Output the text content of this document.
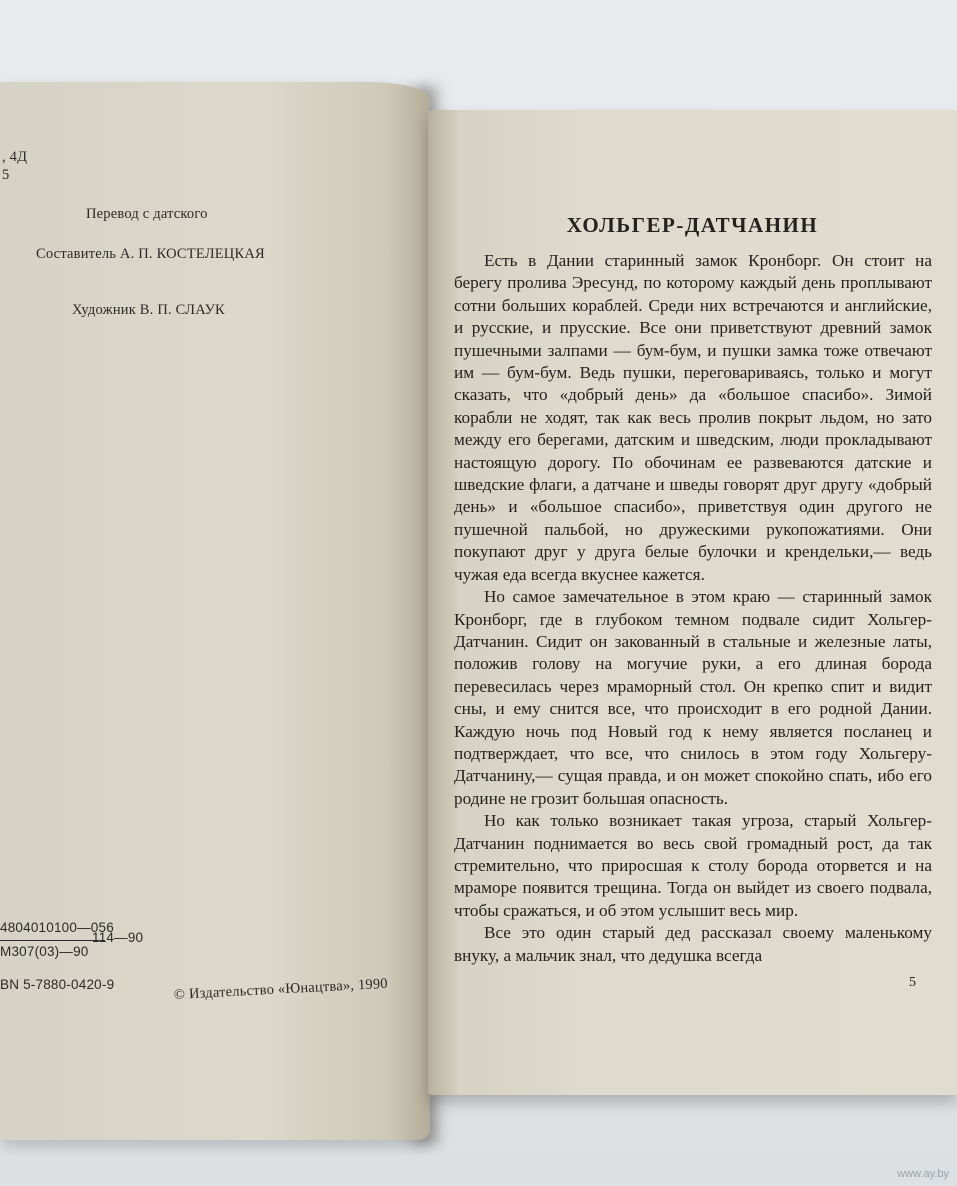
, 4Д
5
Перевод с датского
Составитель А. П. КОСТЕЛЕЦКАЯ
Художник В. П. СЛАУК
4804010100—056
M307(03)—90
114—90
BN 5-7880-0420-9	© Издательство «Юнацтва», 1990
ХОЛЬГЕР-ДАТЧАНИН

Есть в Дании старинный замок Кронборг. Он стоит на берегу пролива Эресунд, по которому каждый день проплывают сотни больших кораблей. Среди них встречаются и английские, и русские, и прусские. Все они приветствуют древний замок пушечными залпами — бум-бум, и пушки замка тоже отвечают им — бум-бум. Ведь пушки, переговариваясь, только и могут сказать, что «добрый день» да «большое спасибо». Зимой корабли не ходят, так как весь пролив покрыт льдом, но зато между его берегами, датским и шведским, люди прокладывают настоящую дорогу. По обочинам ее развеваются датские и шведские флаги, а датчане и шведы говорят друг другу «добрый день» и «большое спасибо», приветствуя один другого не пушечной пальбой, но дружескими рукопожатиями. Они покупают друг у друга белые булочки и крендельки,— ведь чужая еда всегда вкуснее кажется.

Но самое замечательное в этом краю — старинный замок Кронборг, где в глубоком темном подвале сидит Хольгер-Датчанин. Сидит он закованный в стальные и железные латы, положив голову на могучие руки, а его длиная борода перевесилась через мраморный стол. Он крепко спит и видит сны, и ему снится все, что происходит в его родной Дании. Каждую ночь под Новый год к нему является посланец и подтверждает, что все, что снилось в этом году Хольгеру-Датчанину,— сущая правда, и он может спокойно спать, ибо его родине не грозит большая опасность.

Но как только возникает такая угроза, старый Хольгер-Датчанин поднимается во весь свой громадный рост, да так стремительно, что приросшая к столу борода оторвется и на мраморе появится трещина. Тогда он выйдет из своего подвала, чтобы сражаться, и об этом услышит весь мир.

Все это один старый дед рассказал своему маленькому внуку, а мальчик знал, что дедушка всегда

5
www.ay.by
